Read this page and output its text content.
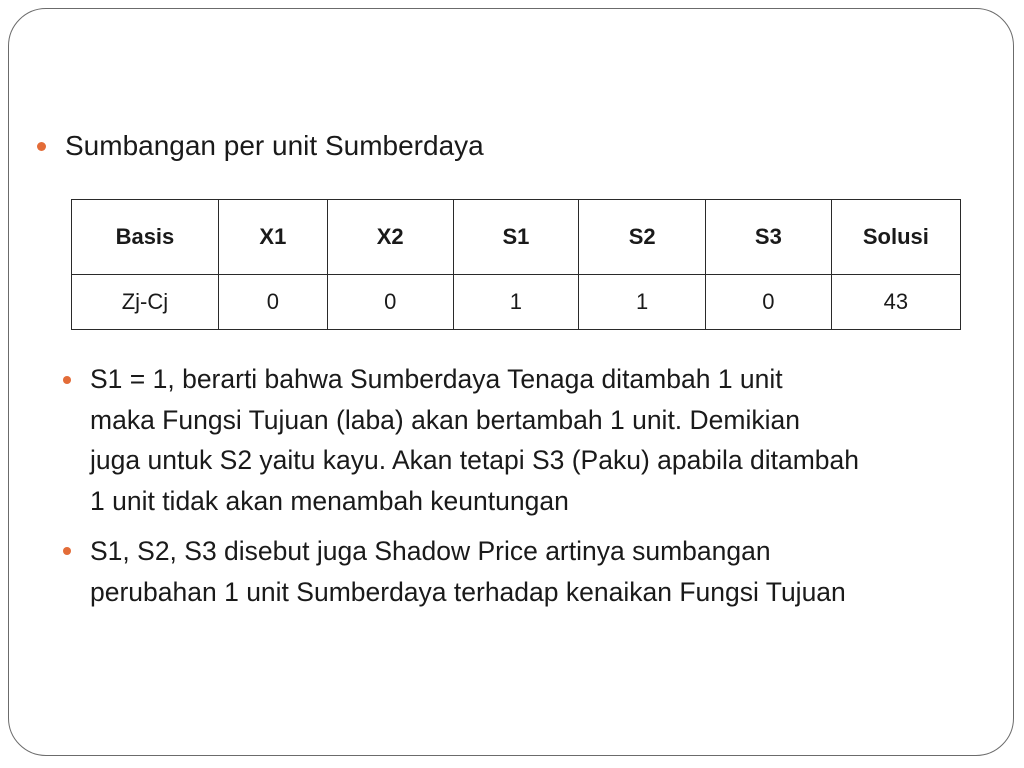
Sumbangan per unit Sumberdaya
Basis	X1	X2	S1	S2	S3	Solusi
Zj-Cj	0	0	1	1	0	43
S1 = 1, berarti bahwa Sumberdaya Tenaga ditambah 1 unit
maka Fungsi Tujuan (laba) akan bertambah 1 unit. Demikian
juga untuk S2 yaitu kayu. Akan tetapi S3 (Paku) apabila ditambah
1 unit tidak akan menambah keuntungan
S1, S2, S3 disebut juga Shadow Price artinya sumbangan
perubahan 1 unit Sumberdaya terhadap kenaikan Fungsi Tujuan
